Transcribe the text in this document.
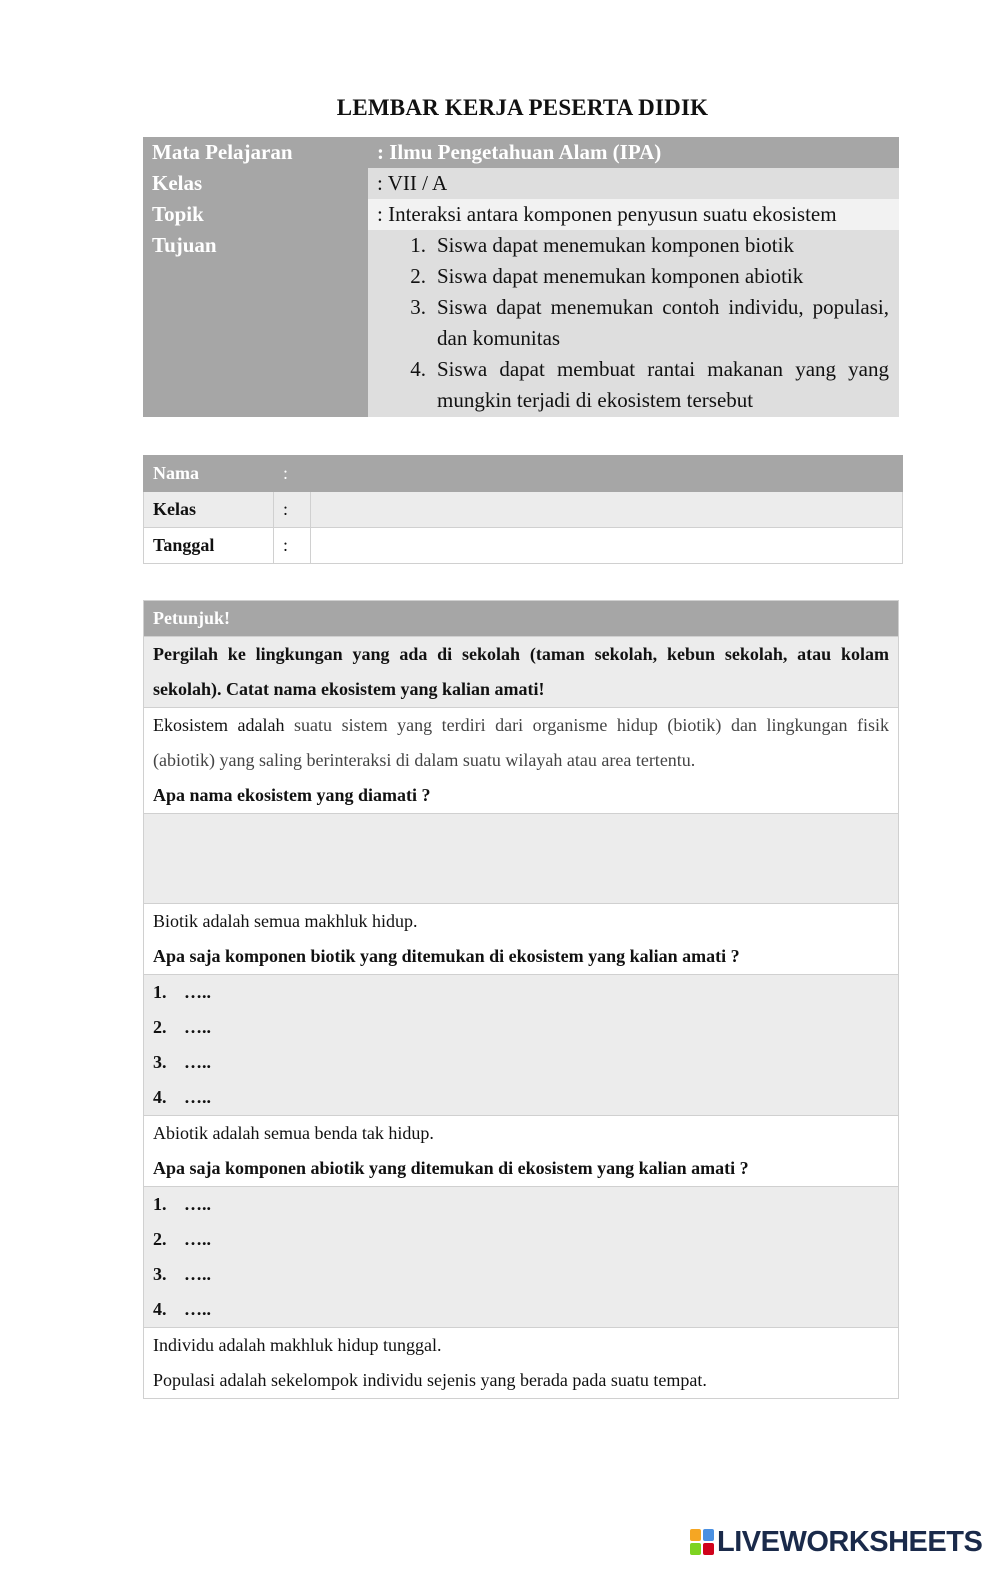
LEMBAR KERJA PESERTA DIDIK
Mata Pelajaran	: Ilmu Pengetahuan Alam (IPA)
Kelas	: VII / A
Topik	: Interaksi antara komponen penyusun suatu ekosistem
Tujuan	1. Siswa dapat menemukan komponen biotik
2. Siswa dapat menemukan komponen abiotik
3. Siswa dapat menemukan contoh individu, populasi, dan komunitas
4. Siswa dapat membuat rantai makanan yang yang mungkin terjadi di ekosistem tersebut
Nama	:	
Kelas	:	
Tanggal	:	
Petunjuk!
Pergilah ke lingkungan yang ada di sekolah (taman sekolah, kebun sekolah, atau kolam sekolah). Catat nama ekosistem yang kalian amati!
Ekosistem adalah suatu sistem yang terdiri dari organisme hidup (biotik) dan lingkungan fisik (abiotik) yang saling berinteraksi di dalam suatu wilayah atau area tertentu.
Apa nama ekosistem yang diamati ?
Biotik adalah semua makhluk hidup.
Apa saja komponen biotik yang ditemukan di ekosistem yang kalian amati ?
1. …..
2. …..
3. …..
4. …..
Abiotik adalah semua benda tak hidup.
Apa saja komponen abiotik yang ditemukan di ekosistem yang kalian amati ?
1. …..
2. …..
3. …..
4. …..
Individu adalah makhluk hidup tunggal.
Populasi adalah sekelompok individu sejenis yang berada pada suatu tempat.
LIVEWORKSHEETS
